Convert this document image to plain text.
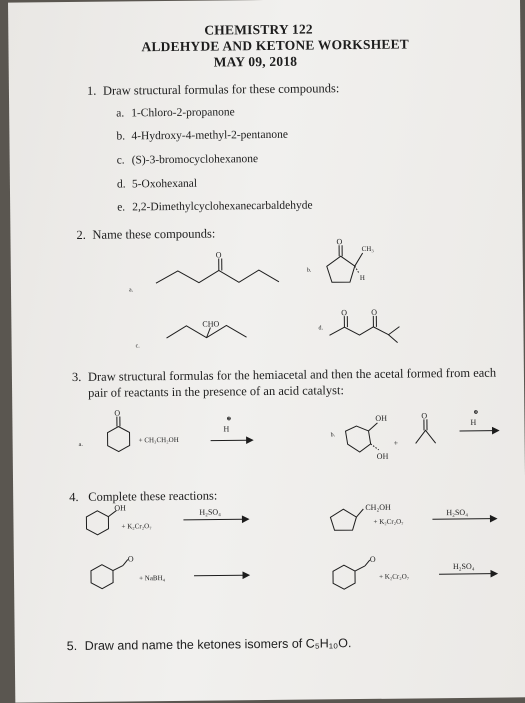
CHEMISTRY 122
ALDEHYDE AND KETONE WORKSHEET
MAY 09, 2018
1. Draw structural formulas for these compounds:
a. 1-Chloro-2-propanone
b. 4-Hydroxy-4-methyl-2-pentanone
c. (S)-3-bromocyclohexanone
d. 5-Oxohexanal
e. 2,2-Dimethylcyclohexanecarbaldehyde
2. Name these compounds:
3. Draw structural formulas for the hemiacetal and then the acetal formed from each
pair of reactants in the presence of an acid catalyst:
4. Complete these reactions:
5. Draw and name the ketones isomers of C₅H₁₀O.
a.
O
b.
O
CH₃
H
CHO
c.
d.
O	O
a.
O
+ CH₃CH₂OH
⊕
H
b.
OH
OH
+
O	⊕
H
OH
+ K₂Cr₂O₇
H₂SO₄
CH₂OH
+ K₂Cr₂O₇
H₂SO₄
O
+ NaBH₄
O
+ K₂Cr₂O₇
H₂SO₄
